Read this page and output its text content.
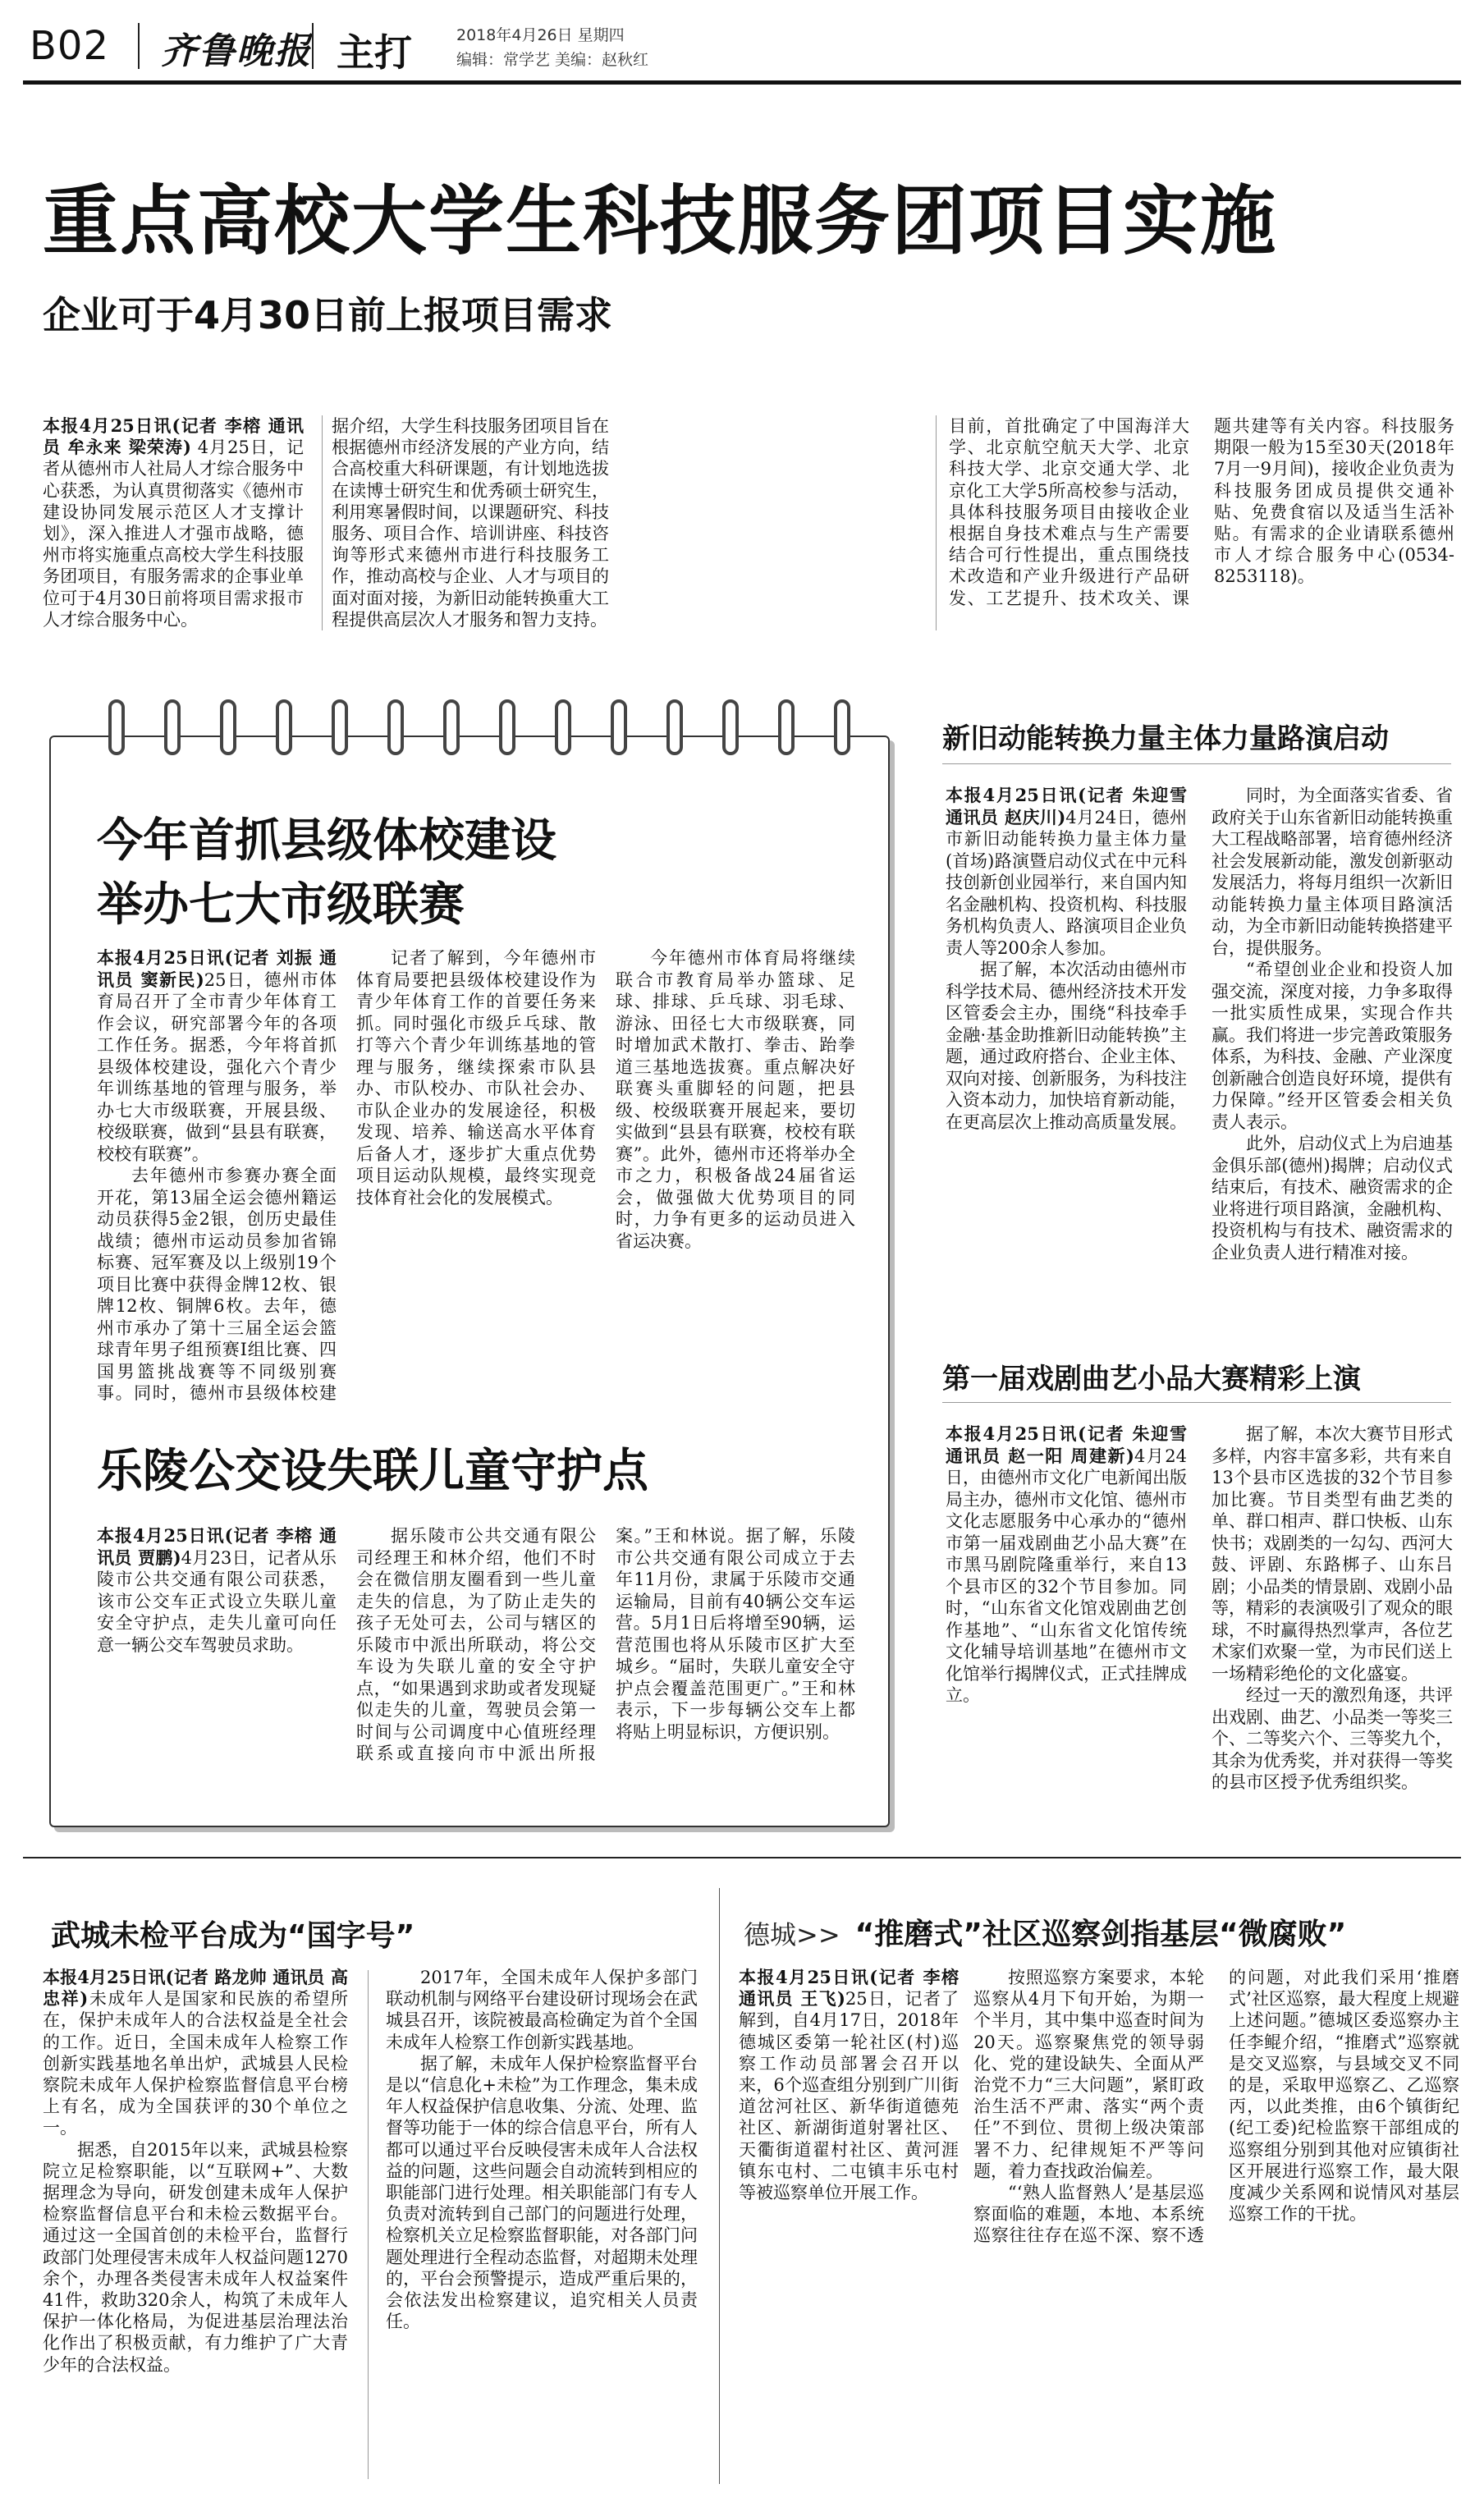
B02 齐鲁晚报 主打	2018年4月26日 星期四
编辑：常学艺 美编：赵秋红
重点高校大学生科技服务团项目实施
企业可于4月30日前上报项目需求
本报4月25日讯(记者 李榕 通讯员 牟永来 梁荣涛) 4月25日，记者从德州市人社局人才综合服务中心获悉，为认真贯彻落实《德州市建设协同发展示范区人才支撑计划》，深入推进人才强市战略，德州市将实施重点高校大学生科技服务团项目，有服务需求的企事业单位可于4月30日前将项目需求报市人才综合服务中心。
据介绍，大学生科技服务团项目旨在根据德州市经济发展的产业方向，结合高校重大科研课题，有计划地选拔在读博士研究生和优秀硕士研究生，利用寒暑假时间，以课题研究、科技服务、项目合作、培训讲座、科技咨询等形式来德州市进行科技服务工作，推动高校与企业、人才与项目的面对面对接，为新旧动能转换重大工程提供高层次人才服务和智力支持。
目前，首批确定了中国海洋大学、北京航空航天大学、北京科技大学、北京交通大学、北京化工大学5所高校参与活动，具体科技服务项目由接收企业根据自身技术难点与生产需要结合可行性提出，重点围绕技术改造和产业升级进行产品研发、工艺提升、技术攻关、课题共建等有关内容。科技服务期限一般为15至30天(2018年7月一9月间)，接收企业负责为科技服务团成员提供交通补贴、免费食宿以及适当生活补贴。有需求的企业请联系德州市人才综合服务中心(0534-8253118)。
今年首抓县级体校建设
举办七大市级联赛

本报4月25日讯(记者 刘振 通讯员 窦新民)25日，德州市体育局召开了全市青少年体育工作会议，研究部署今年的各项工作任务。据悉，今年将首抓县级体校建设，强化六个青少年训练基地的管理与服务，举办七大市级联赛，开展县级、校级联赛，做到“县县有联赛，校校有联赛”。

去年德州市参赛办赛全面开花，第13届全运会德州籍运动员获得5金2银，创历史最佳战绩；德州市运动员参加省锦标赛、冠军赛及以上级别19个项目比赛中获得金牌12枚、银牌12枚、铜牌6枚。去年，德州市承办了第十三届全运会篮球青年男子组预赛Ⅰ组比赛、四国男篮挑战赛等不同级别赛事。同时，德州市县级体校建

记者了解到，今年德州市体育局要把县级体校建设作为青少年体育工作的首要任务来抓。同时强化市级乒乓球、散打等六个青少年训练基地的管理与服务，继续探索市队县办、市队校办、市队社会办、市队企业办的发展途径，积极发现、培养、输送高水平体育后备人才，逐步扩大重点优势项目运动队规模，最终实现竞技体育社会化的发展模式。

今年德州市体育局将继续联合市教育局举办篮球、足球、排球、乒乓球、羽毛球、游泳、田径七大市级联赛，同时增加武术散打、拳击、跆拳道三基地选拔赛。重点解决好联赛头重脚轻的问题，把县级、校级联赛开展起来，要切实做到“县县有联赛，校校有联赛”。此外，德州市还将举办全市之力，积极备战24届省运会，做强做大优势项目的同时，力争有更多的运动员进入省运决赛。

乐陵公交设失联儿童守护点

本报4月25日讯(记者 李榕 通讯员 贾鹏)4月23日，记者从乐陵市公共交通有限公司获悉，该市公交车正式设立失联儿童安全守护点，走失儿童可向任意一辆公交车驾驶员求助。

据乐陵市公共交通有限公司经理王和林介绍，他们不时会在微信朋友圈看到一些儿童走失的信息，为了防止走失的孩子无处可去，公司与辖区的乐陵市中派出所联动，将公交车设为失联儿童的安全守护点，“如果遇到求助或者发现疑似走失的儿童，驾驶员会第一时间与公司调度中心值班经理联系或直接向市中派出所报案。”王和林说。据了解，乐陵市公共交通有限公司成立于去年11月份，隶属于乐陵市交通运输局，目前有40辆公交车运营。5月1日后将增至90辆，运营范围也将从乐陵市区扩大至城乡。“届时，失联儿童安全守护点会覆盖范围更广。”王和林表示，下一步每辆公交车上都将贴上明显标识，方便识别。

新旧动能转换力量主体力量路演启动

本报4月25日讯(记者 朱迎雪 通讯员 赵庆川)4月24日，德州市新旧动能转换力量主体力量(首场)路演暨启动仪式在中元科技创新创业园举行，来自国内知名金融机构、投资机构、科技服务机构负责人、路演项目企业负责人等200余人参加。

据了解，本次活动由德州市科学技术局、德州经济技术开发区管委会主办，围绕“科技牵手金融·基金助推新旧动能转换”主题，通过政府搭台、企业主体、双向对接、创新服务，为科技注入资本动力，加快培育新动能，在更高层次上推动高质量发展。

同时，为全面落实省委、省政府关于山东省新旧动能转换重大工程战略部署，培育德州经济社会发展新动能，激发创新驱动发展活力，将每月组织一次新旧动能转换力量主体项目路演活动，为全市新旧动能转换搭建平台，提供服务。

“希望创业企业和投资人加强交流，深度对接，力争多取得一批实质性成果，实现合作共赢。我们将进一步完善政策服务体系，为科技、金融、产业深度创新融合创造良好环境，提供有力保障。”经开区管委会相关负责人表示。

此外，启动仪式上为启迪基金俱乐部(德州)揭牌；启动仪式结束后，有技术、融资需求的企业将进行项目路演，金融机构、投资机构与有技术、融资需求的企业负责人进行精准对接。

第一届戏剧曲艺小品大赛精彩上演

本报4月25日讯(记者 朱迎雪 通讯员 赵一阳 周建新)4月24日，由德州市文化广电新闻出版局主办，德州市文化馆、德州市文化志愿服务中心承办的“德州市第一届戏剧曲艺小品大赛”在市黑马剧院隆重举行，来自13个县市区的32个节目参加。同时，“山东省文化馆戏剧曲艺创作基地”、“山东省文化馆传统文化辅导培训基地”在德州市文化馆举行揭牌仪式，正式挂牌成立。

据了解，本次大赛节目形式多样，内容丰富多彩，共有来自13个县市区选拔的32个节目参加比赛。节目类型有曲艺类的单、群口相声、群口快板、山东快书；戏剧类的一勾勾、西河大鼓、评剧、东路梆子、山东吕剧；小品类的情景剧、戏剧小品等，精彩的表演吸引了观众的眼球，不时赢得热烈掌声，各位艺术家们欢聚一堂，为市民们送上一场精彩绝伦的文化盛宴。

经过一天的激烈角逐，共评出戏剧、曲艺、小品类一等奖三个、二等奖六个、三等奖九个，其余为优秀奖，并对获得一等奖的县市区授予优秀组织奖。

武城未检平台成为“国字号”

本报4月25日讯(记者 路龙帅 通讯员 高忠祥)未成年人是国家和民族的希望所在，保护未成年人的合法权益是全社会的工作。近日，全国未成年人检察工作创新实践基地名单出炉，武城县人民检察院未成年人保护检察监督信息平台榜上有名，成为全国获评的30个单位之一。

据悉，自2015年以来，武城县检察院立足检察职能，以“互联网+”、大数据理念为导向，研发创建未成年人保护检察监督信息平台和未检云数据平台。通过这一全国首创的未检平台，监督行政部门处理侵害未成年人权益问题1270余个，办理各类侵害未成年人权益案件41件，救助320余人，构筑了未成年人保护一体化格局，为促进基层治理法治化作出了积极贡献，有力维护了广大青少年的合法权益。

2017年，全国未成年人保护多部门联动机制与网络平台建设研讨现场会在武城县召开，该院被最高检确定为首个全国未成年人检察工作创新实践基地。

据了解，未成年人保护检察监督平台是以“信息化+未检”为工作理念，集未成年人权益保护信息收集、分流、处理、监督等功能于一体的综合信息平台，所有人都可以通过平台反映侵害未成年人合法权益的问题，这些问题会自动流转到相应的职能部门进行处理。相关职能部门有专人负责对流转到自己部门的问题进行处理，检察机关立足检察监督职能，对各部门问题处理进行全程动态监督，对超期未处理的，平台会预警提示，造成严重后果的，会依法发出检察建议，追究相关人员责任。

德城>> “推磨式”社区巡察剑指基层“微腐败”

本报4月25日讯(记者 李榕 通讯员 王飞)25日，记者了解到，自4月17日，2018年德城区委第一轮社区(村)巡察工作动员部署会召开以来，6个巡查组分别到广川街道岔河社区、新华街道德苑社区、新湖街道射署社区、天衢街道翟村社区、黄河涯镇东屯村、二屯镇丰乐屯村等被巡察单位开展工作。

按照巡察方案要求，本轮巡察从4月下旬开始，为期一个半月，其中集中巡查时间为20天。巡察聚焦党的领导弱化、党的建设缺失、全面从严治党不力“三大问题”，紧盯政治生活不严肃、落实“两个责任”不到位、贯彻上级决策部署不力、纪律规矩不严等问题，着力查找政治偏差。

“‘熟人监督熟人’是基层巡察面临的难题，本地、本系统巡察往往存在巡不深、察不透的问题，对此我们采用‘推磨式’社区巡察，最大程度上规避上述问题。”德城区委巡察办主任李鲲介绍，“推磨式”巡察就是交叉巡察，与县域交叉不同的是，采取甲巡察乙、乙巡察丙，以此类推，由6个镇街纪(纪工委)纪检监察干部组成的巡察组分别到其他对应镇街社区开展进行巡察工作，最大限度减少关系网和说情风对基层巡察工作的干扰。
